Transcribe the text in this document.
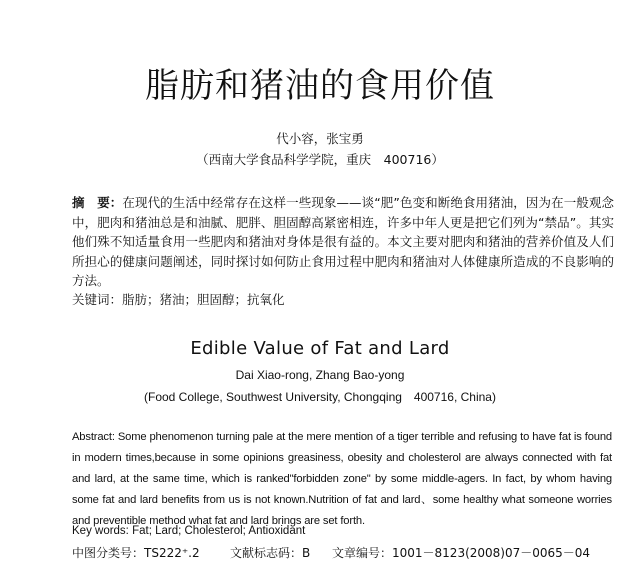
脂肪和猪油的食用价值
代小容，张宝勇
（西南大学食品科学学院，重庆　400716）
摘　要：在现代的生活中经常存在这样一些现象——谈“肥”色变和断绝食用猪油，因为在一般观念中，肥肉和猪油总是和油腻、肥胖、胆固醇高紧密相连，许多中年人更是把它们列为“禁品”。其实他们殊不知适量食用一些肥肉和猪油对身体是很有益的。本文主要对肥肉和猪油的营养价值及人们所担心的健康问题阐述，同时探讨如何防止食用过程中肥肉和猪油对人体健康所造成的不良影响的方法。
关键词：脂肪；猪油；胆固醇；抗氧化
Edible Value of Fat and Lard
Dai Xiao-rong, Zhang Bao-yong
(Food College, Southwest University, Chongqing　400716, China)
Abstract: Some phenomenon turning pale at the mere mention of a tiger terrible and refusing to have fat is found in modern times,because in some opinions greasiness, obesity and cholesterol are always connected with fat and lard, at the same time, which is ranked"forbidden zone" by some middle-agers. In fact, by whom having some fat and lard benefits from us is not known.Nutrition of fat and lard、some healthy what someone worries and preventible method what fat and lard brings are set forth.
Key words: Fat; Lard; Cholesterol; Antioxidant
中图分类号：TS222⁺.2	文献标志码：B 文章编号：1001－8123(2008)07－0065－04
